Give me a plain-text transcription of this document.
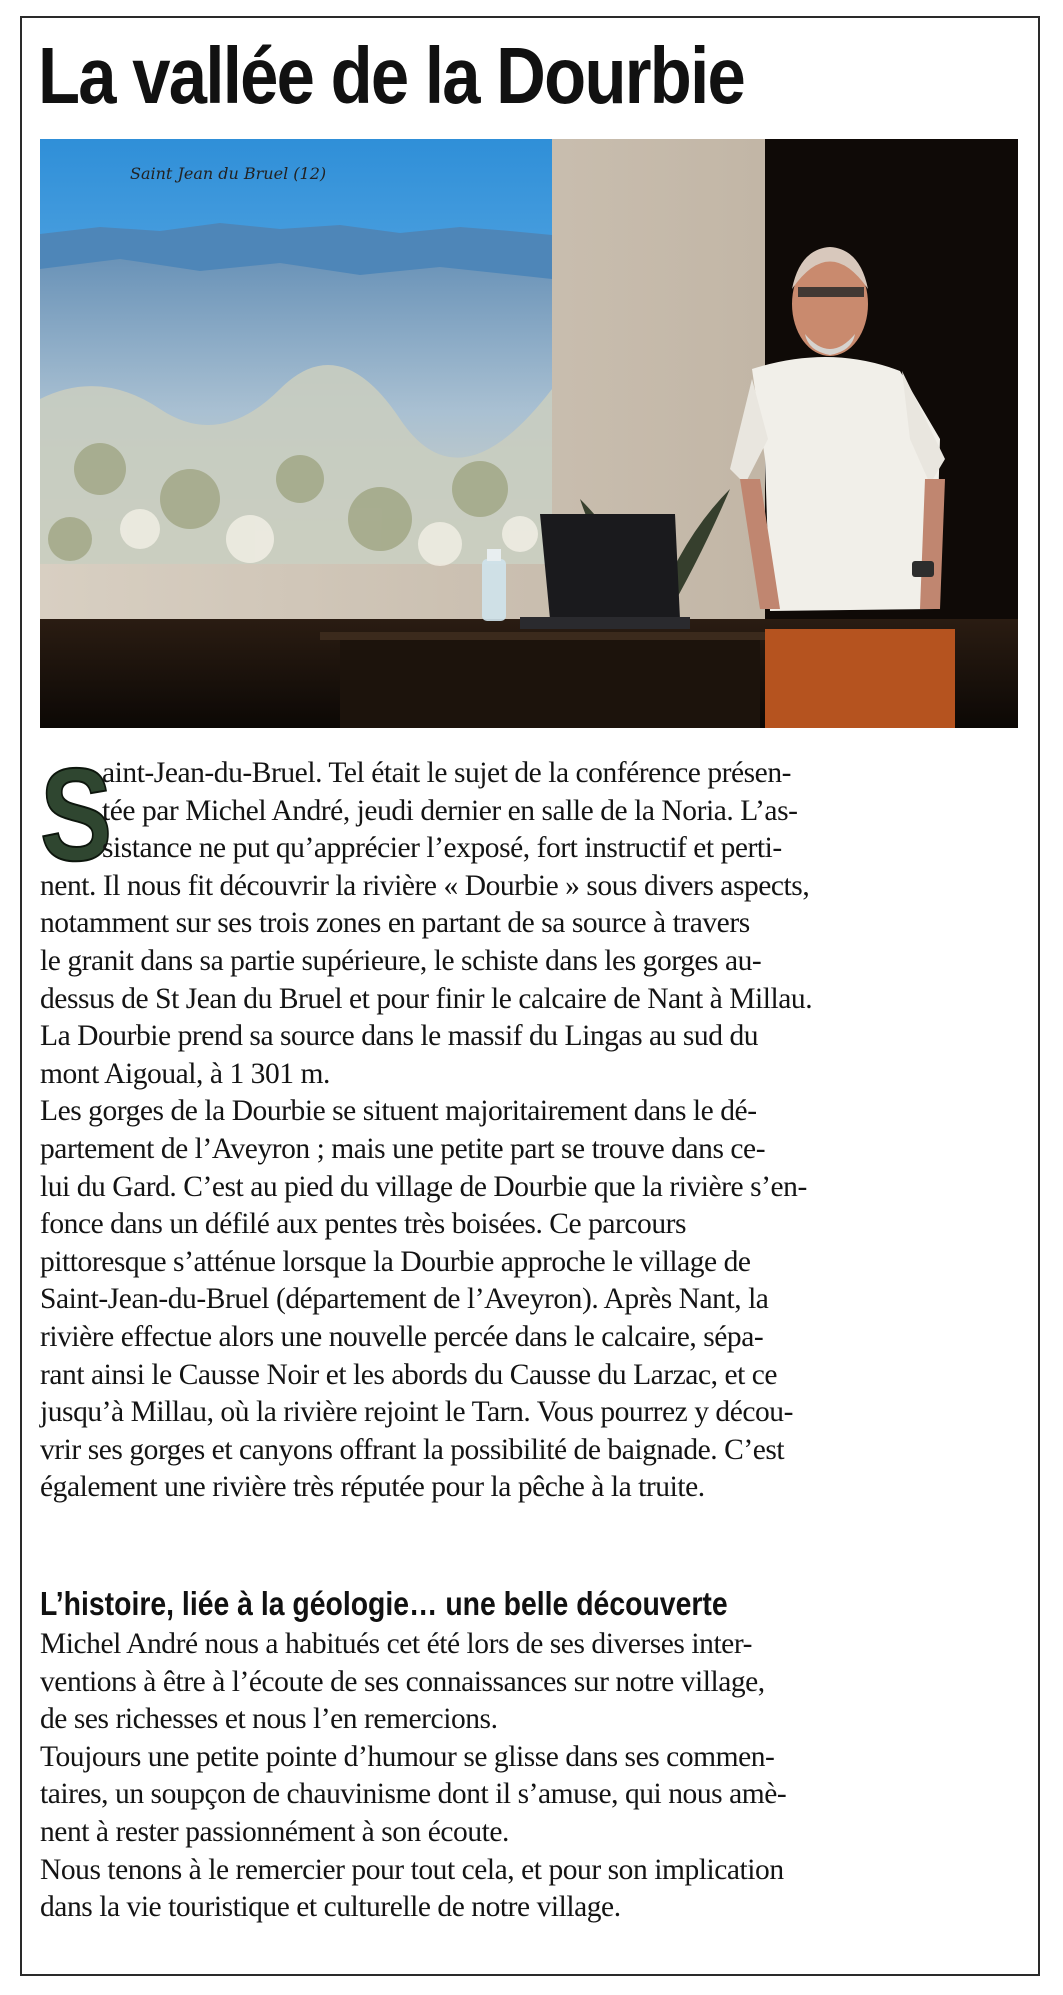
La vallée de la Dourbie
Saint Jean du Bruel (12)
S
aint-Jean-du-Bruel. Tel était le sujet de la conférence présen-
tée par Michel André, jeudi dernier en salle de la Noria. L’as-
sistance ne put qu’apprécier l’exposé, fort instructif et perti-
nent. Il nous fit découvrir la rivière « Dourbie » sous divers aspects,
notamment sur ses trois zones en partant de sa source à travers
le granit dans sa partie supérieure, le schiste dans les gorges au-
dessus de St Jean du Bruel et pour finir le calcaire de Nant à Millau.
La Dourbie prend sa source dans le massif du Lingas au sud du
mont Aigoual, à 1 301 m.
Les gorges de la Dourbie se situent majoritairement dans le dé-
partement de l’Aveyron ; mais une petite part se trouve dans ce-
lui du Gard. C’est au pied du village de Dourbie que la rivière s’en-
fonce dans un défilé aux pentes très boisées. Ce parcours
pittoresque s’atténue lorsque la Dourbie approche le village de
Saint-Jean-du-Bruel (département de l’Aveyron). Après Nant, la
rivière effectue alors une nouvelle percée dans le calcaire, sépa-
rant ainsi le Causse Noir et les abords du Causse du Larzac, et ce
jusqu’à Millau, où la rivière rejoint le Tarn. Vous pourrez y décou-
vrir ses gorges et canyons offrant la possibilité de baignade. C’est
également une rivière très réputée pour la pêche à la truite.
L’histoire, liée à la géologie… une belle découverte
Michel André nous a habitués cet été lors de ses diverses inter-
ventions à être à l’écoute de ses connaissances sur notre village,
de ses richesses et nous l’en remercions.
Toujours une petite pointe d’humour se glisse dans ses commen-
taires, un soupçon de chauvinisme dont il s’amuse, qui nous amè-
nent à rester passionnément à son écoute.
Nous tenons à le remercier pour tout cela, et pour son implication
dans la vie touristique et culturelle de notre village.
